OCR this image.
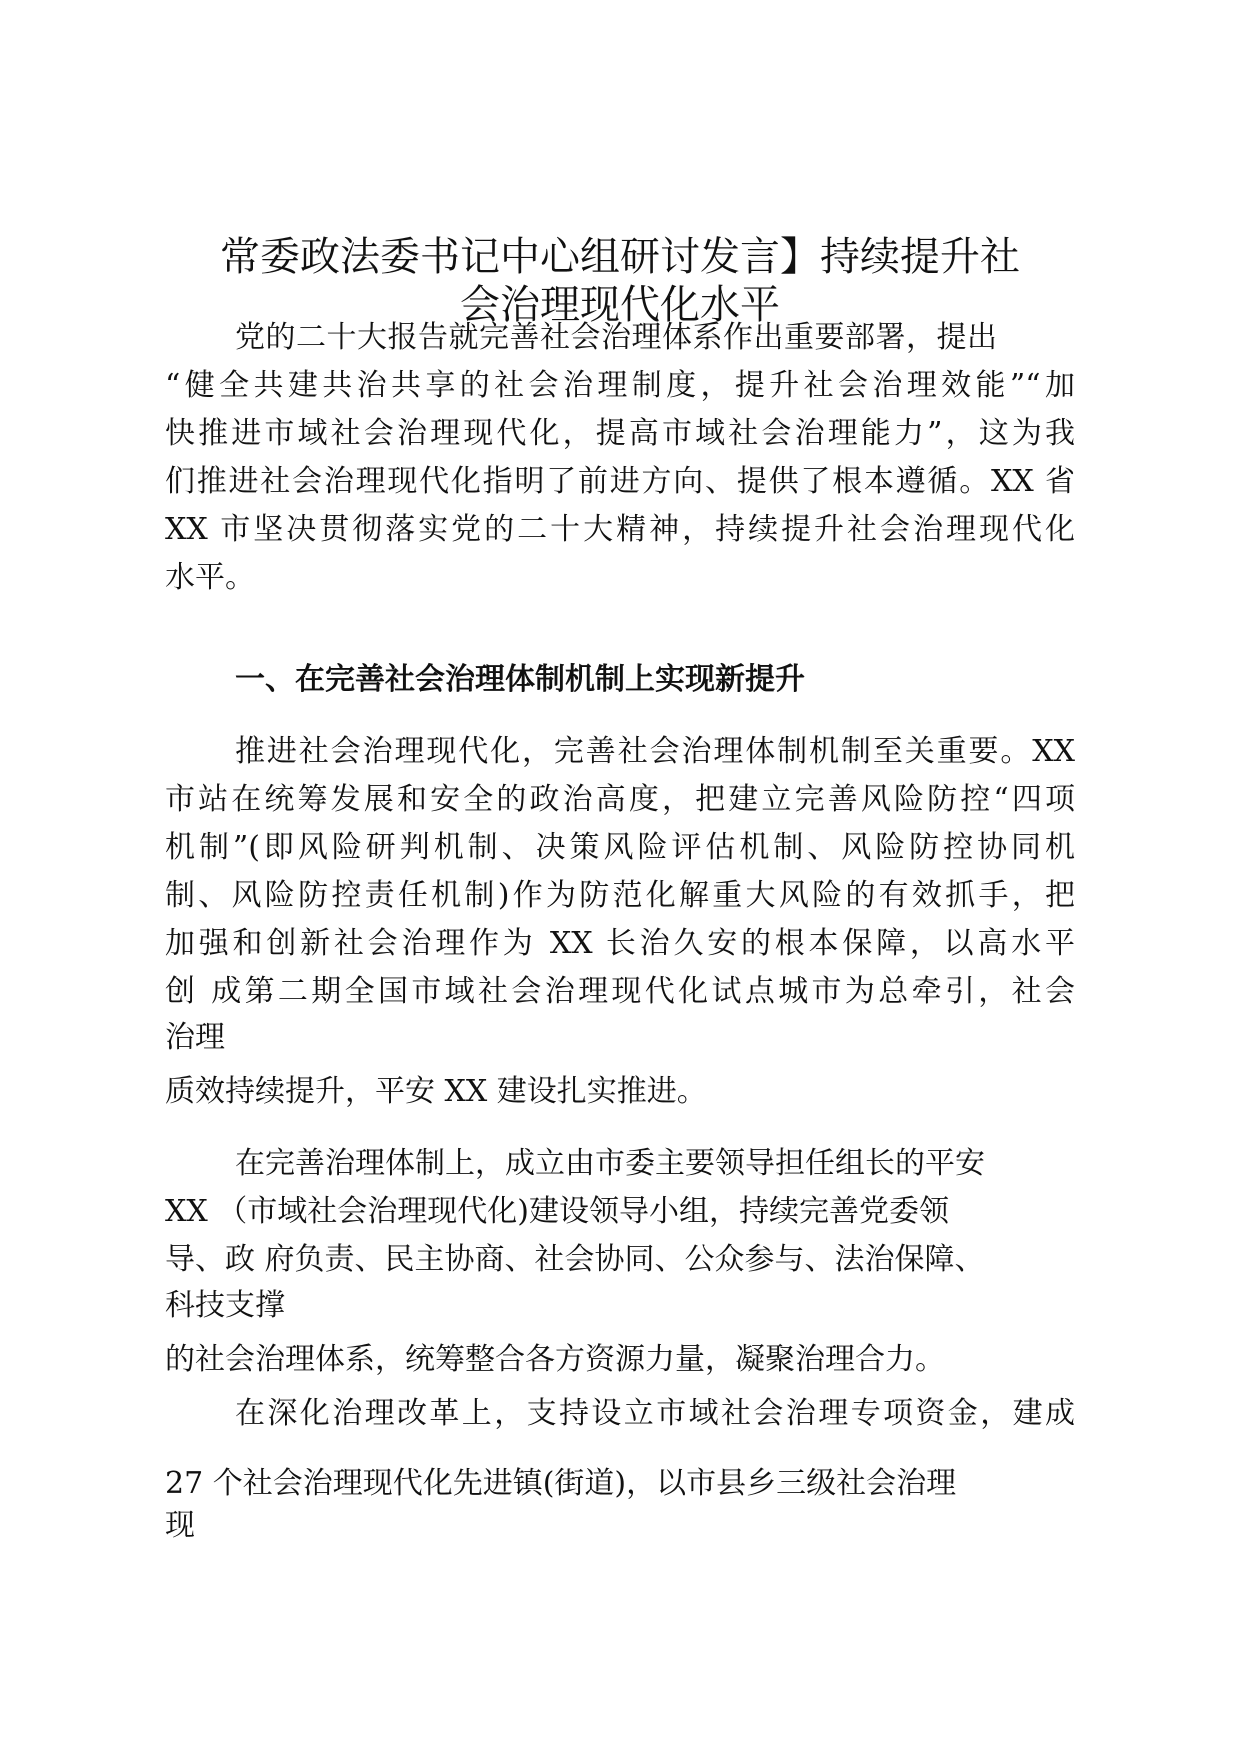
常委政法委书记中心组研讨发言】持续提升社
会治理现代化水平

党的二十大报告就完善社会治理体系作出重要部署，提出

“健全共建共治共享的社会治理制度，提升社会治理效能”“加

快推进市域社会治理现代化，提高市域社会治理能力”，这为我

们推进社会治理现代化指明了前进方向、提供了根本遵循。XX 省

XX 市坚决贯彻落实党的二十大精神，持续提升社会治理现代化

水平。

一、在完善社会治理体制机制上实现新提升

推进社会治理现代化，完善社会治理体制机制至关重要。XX

市站在统筹发展和安全的政治高度，把建立完善风险防控“四项

机制”(即风险研判机制、决策风险评估机制、风险防控协同机

制、风险防控责任机制)作为防范化解重大风险的有效抓手，把

加强和创新社会治理作为 XX 长治久安的根本保障，以高水平

创 成第二期全国市域社会治理现代化试点城市为总牵引，社会

治理

质效持续提升，平安 XX 建设扎实推进。

在完善治理体制上，成立由市委主要领导担任组长的平安

XX （市域社会治理现代化)建设领导小组，持续完善党委领

导、政 府负责、民主协商、社会协同、公众参与、法治保障、

科技支撑

的社会治理体系，统筹整合各方资源力量，凝聚治理合力。

在深化治理改革上，支持设立市域社会治理专项资金，建成

27 个社会治理现代化先进镇(街道)，以市县乡三级社会治理

现
